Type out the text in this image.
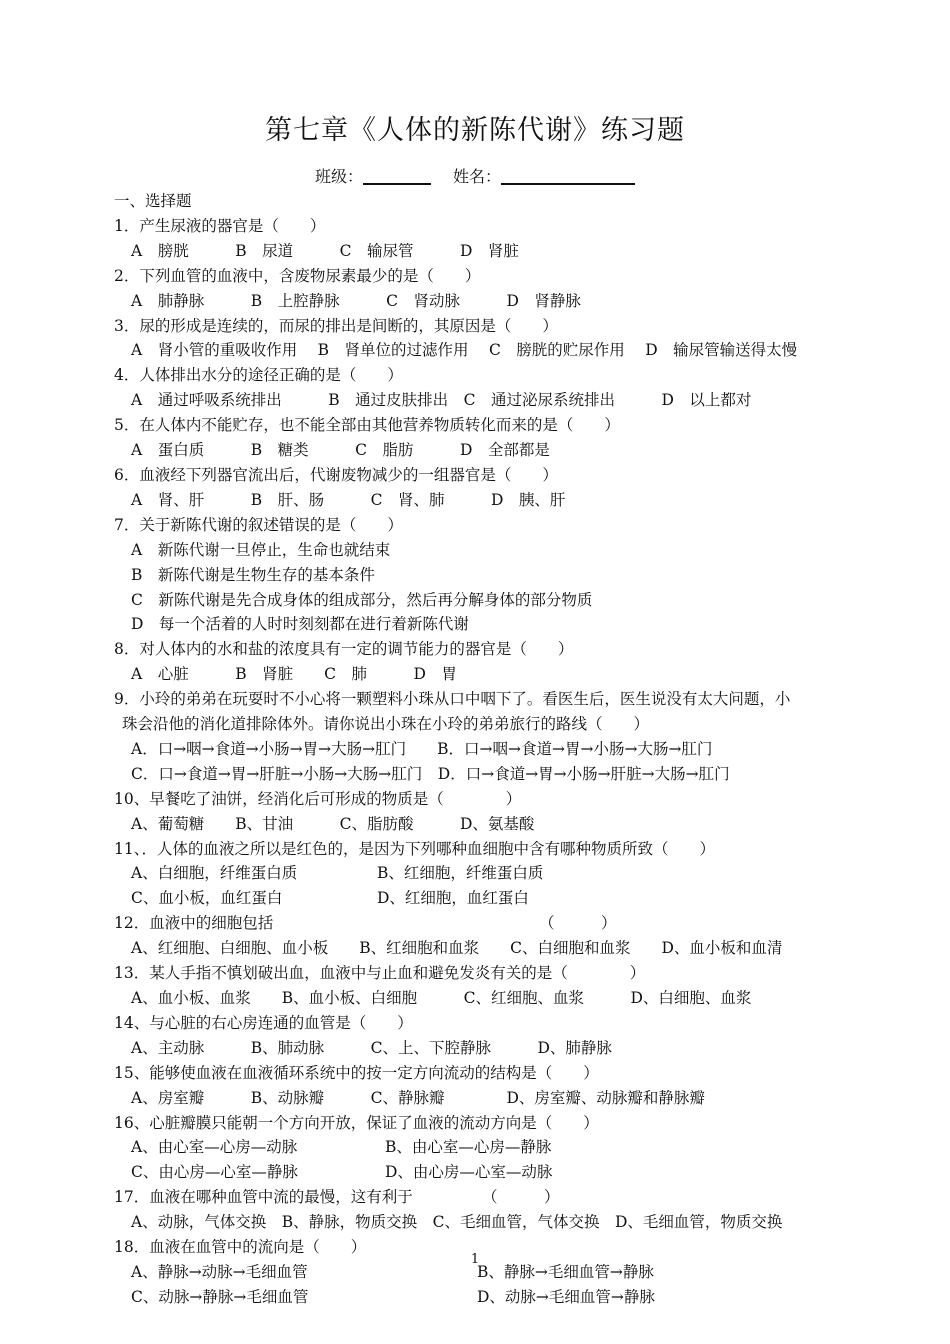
第七章《人体的新陈代谢》练习题
班级：	姓名：
一、选择题
1．产生尿液的器官是（　　）
A　膀胱　　　B　尿道　　　C　输尿管　　　D　肾脏
2．下列血管的血液中，含废物尿素最少的是（　　）
A　肺静脉　　　B　上腔静脉　　　C　肾动脉　　　D　肾静脉
3．尿的形成是连续的，而尿的排出是间断的，其原因是（　　）
A　肾小管的重吸收作用　 B　肾单位的过滤作用　 C　膀胱的贮尿作用　 D　输尿管输送得太慢
4．人体排出水分的途径正确的是（　　）
A　通过呼吸系统排出　　　B　通过皮肤排出　C　通过泌尿系统排出　　　D　以上都对
5．在人体内不能贮存，也不能全部由其他营养物质转化而来的是（　　）
A　蛋白质　　　B　糖类　　　C　脂肪　　　D　全部都是
6．血液经下列器官流出后，代谢废物减少的一组器官是（　　）
A　肾、肝　　　B　肝、肠　　　C　肾、肺　　　D　胰、肝
7．关于新陈代谢的叙述错误的是（　　）
A　新陈代谢一旦停止，生命也就结束
B　新陈代谢是生物生存的基本条件
C　新陈代谢是先合成身体的组成部分，然后再分解身体的部分物质
D　每一个活着的人时时刻刻都在进行着新陈代谢
8．对人体内的水和盐的浓度具有一定的调节能力的器官是（　　）
A　心脏　　　B　肾脏　　C　肺　　　D　胃
9．小玲的弟弟在玩耍时不小心将一颗塑料小珠从口中咽下了。看医生后，医生说没有太大问题，小
珠会沿他的消化道排除体外。请你说出小珠在小玲的弟弟旅行的路线（　　）
A．口→咽→食道→小肠→胃→大肠→肛门　　B．口→咽→食道→胃→小肠→大肠→肛门
C．口→食道→胃→肝脏→小肠→大肠→肛门　D．口→食道→胃→小肠→肝脏→大肠→肛门
10、早餐吃了油饼，经消化后可形成的物质是（　　　　）
A、葡萄糖　　B、甘油　　　C、脂肪酸　　　D、氨基酸
11、．人体的血液之所以是红色的，是因为下列哪种血细胞中含有哪种物质所致（　　）
A、白细胞，纤维蛋白质	B、红细胞，纤维蛋白质
C、血小板，血红蛋白	D、红细胞，血红蛋白
12．血液中的细胞包括	（　　　）
A、红细胞、白细胞、血小板　　B、红细胞和血浆　　C、白细胞和血浆　　D、血小板和血清
13．某人手指不慎划破出血，血液中与止血和避免发炎有关的是（　　　　）
A、血小板、血浆　　B、血小板、白细胞　　　C、红细胞、血浆　　　D、白细胞、血浆
14、与心脏的右心房连通的血管是（　　）
A、主动脉　　　B、肺动脉　　　C、上、下腔静脉　　　D、肺静脉
15、能够使血液在血液循环系统中的按一定方向流动的结构是（　　）
A、房室瓣　　　B、动脉瓣　　　C、静脉瓣　　　　D、房室瓣、动脉瓣和静脉瓣
16、心脏瓣膜只能朝一个方向开放，保证了血液的流动方向是（　　）
A、由心室—心房—动脉	B、由心室—心房—静脉
C、由心房—心室—静脉	D、由心房—心室—动脉
17．血液在哪种血管中流的最慢，这有利于	（　　　）
A、动脉，气体交换　B、静脉，物质交换　C、毛细血管，气体交换　D、毛细血管，物质交换
18．血液在血管中的流向是（　　）
A、静脉→动脉→毛细血管	B、静脉→毛细血管→静脉
C、动脉→静脉→毛细血管	D、动脉→毛细血管→静脉
1
